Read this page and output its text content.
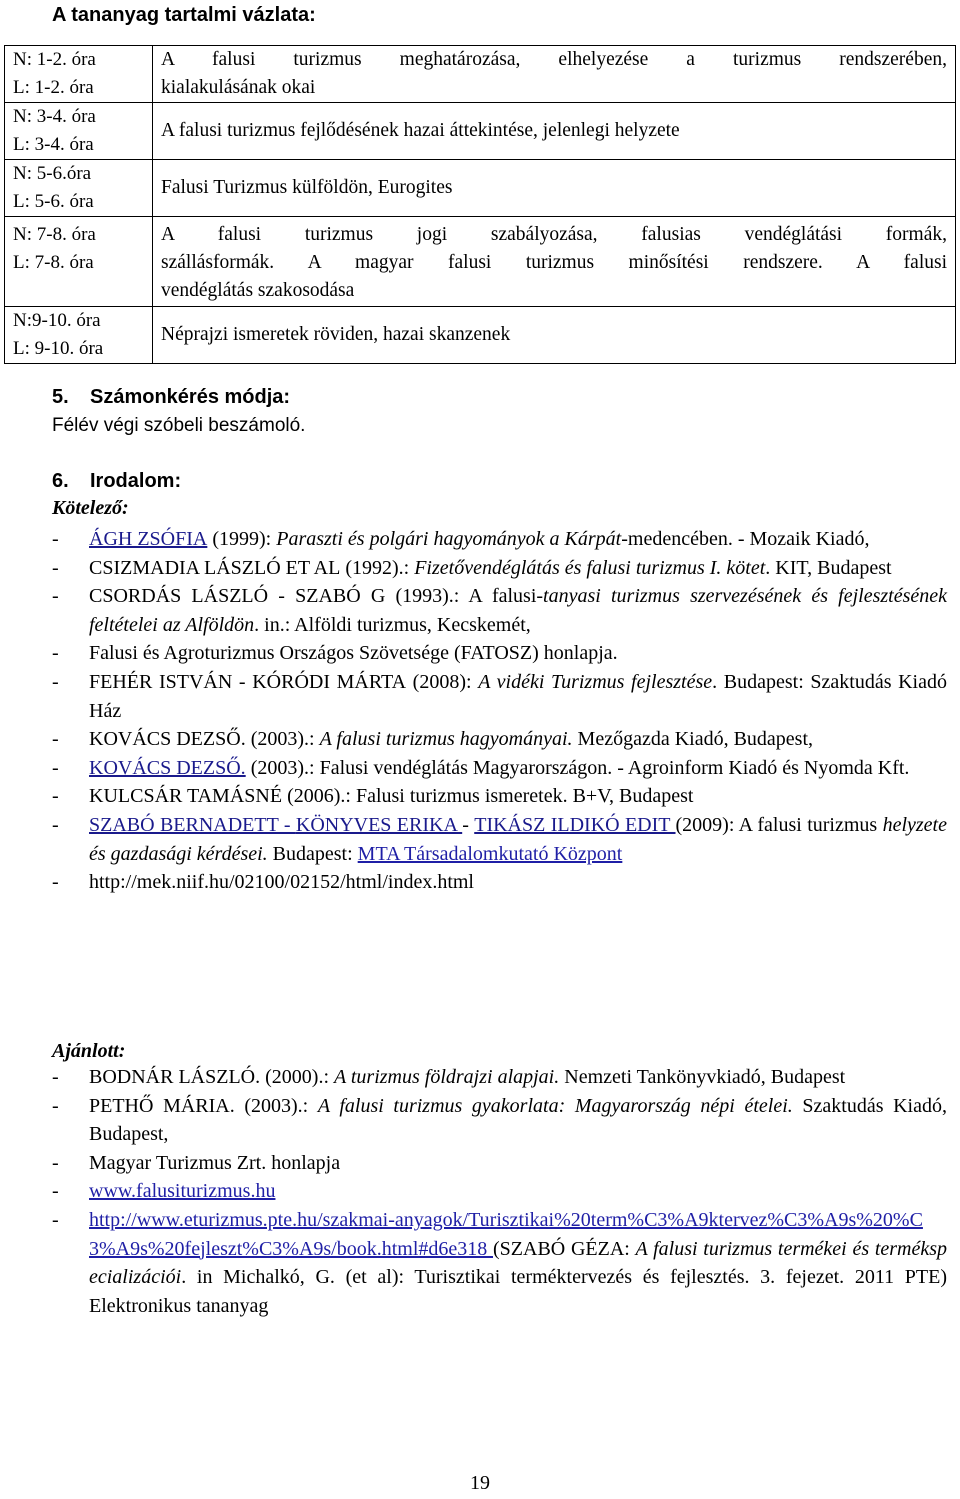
A tananyag tartalmi vázlata:
N: 1-2. óra
L: 1-2. óra	A falusi turizmus meghatározása, elhelyezése a turizmus rendszerében,
kialakulásának okai

N: 3-4. óra
L: 3-4. óra	A falusi turizmus fejlődésének hazai áttekintése, jelenlegi helyzete

N: 5-6.óra
L: 5-6. óra	Falusi Turizmus külföldön, Eurogites

N: 7-8. óra
L: 7-8. óra	A falusi turizmus jogi szabályozása, falusias vendéglátási formák,
szállásformák. A magyar falusi turizmus minősítési rendszere. A falusi
vendéglátás szakosodása

N:9-10. óra
L: 9-10. óra	Néprajzi ismeretek röviden, hazai skanzenek
5. Számonkérés módja:
Félév végi szóbeli beszámoló.
6. Irodalom:
Kötelező:
- ÁGH ZSÓFIA (1999): Paraszti és polgári hagyományok a Kárpát-medencében. - Mozaik Kiadó,
- CSIZMADIA LÁSZLÓ ET AL (1992).: Fizetővendéglátás és falusi turizmus I. kötet. KIT, Budapest
- CSORDÁS LÁSZLÓ - SZABÓ G (1993).: A falusi-tanyasi turizmus szervezésének és fejlesztésének feltételei az Alföldön. in.: Alföldi turizmus, Kecskemét,
- Falusi és Agroturizmus Országos Szövetsége (FATOSZ) honlapja.
- FEHÉR ISTVÁN - KÓRÓDI MÁRTA (2008): A vidéki Turizmus fejlesztése. Budapest: Szaktudás Kiadó Ház
- KOVÁCS DEZSŐ. (2003).: A falusi turizmus hagyományai. Mezőgazda Kiadó, Budapest,
- KOVÁCS DEZSŐ. (2003).: Falusi vendéglátás Magyarországon. - Agroinform Kiadó és Nyomda Kft.
- KULCSÁR TAMÁSNÉ (2006).: Falusi turizmus ismeretek. B+V, Budapest
- SZABÓ BERNADETT - KÖNYVES ERIKA - TIKÁSZ ILDIKÓ EDIT (2009): A falusi turizmus helyzete és gazdasági kérdései. Budapest: MTA Társadalomkutató Központ
- http://mek.niif.hu/02100/02152/html/index.html
Ajánlott:
- BODNÁR LÁSZLÓ. (2000).: A turizmus földrajzi alapjai. Nemzeti Tankönyvkiadó, Budapest
- PETHŐ MÁRIA. (2003).: A falusi turizmus gyakorlata: Magyarország népi ételei. Szaktudás Kiadó, Budapest,
- Magyar Turizmus Zrt. honlapja
- www.falusiturizmus.hu
- http://www.eturizmus.pte.hu/szakmai-anyagok/Turisztikai%20term%C3%A9ktervez%C3%A9s%20%C3%A9s%20fejleszt%C3%A9s/book.html#d6e318 (SZABÓ GÉZA: A falusi turizmus termékei és termékspecializációi. in Michalkó, G. (et al): Turisztikai terméktervezés és fejlesztés. 3. fejezet. 2011 PTE) Elektronikus tananyag
19
